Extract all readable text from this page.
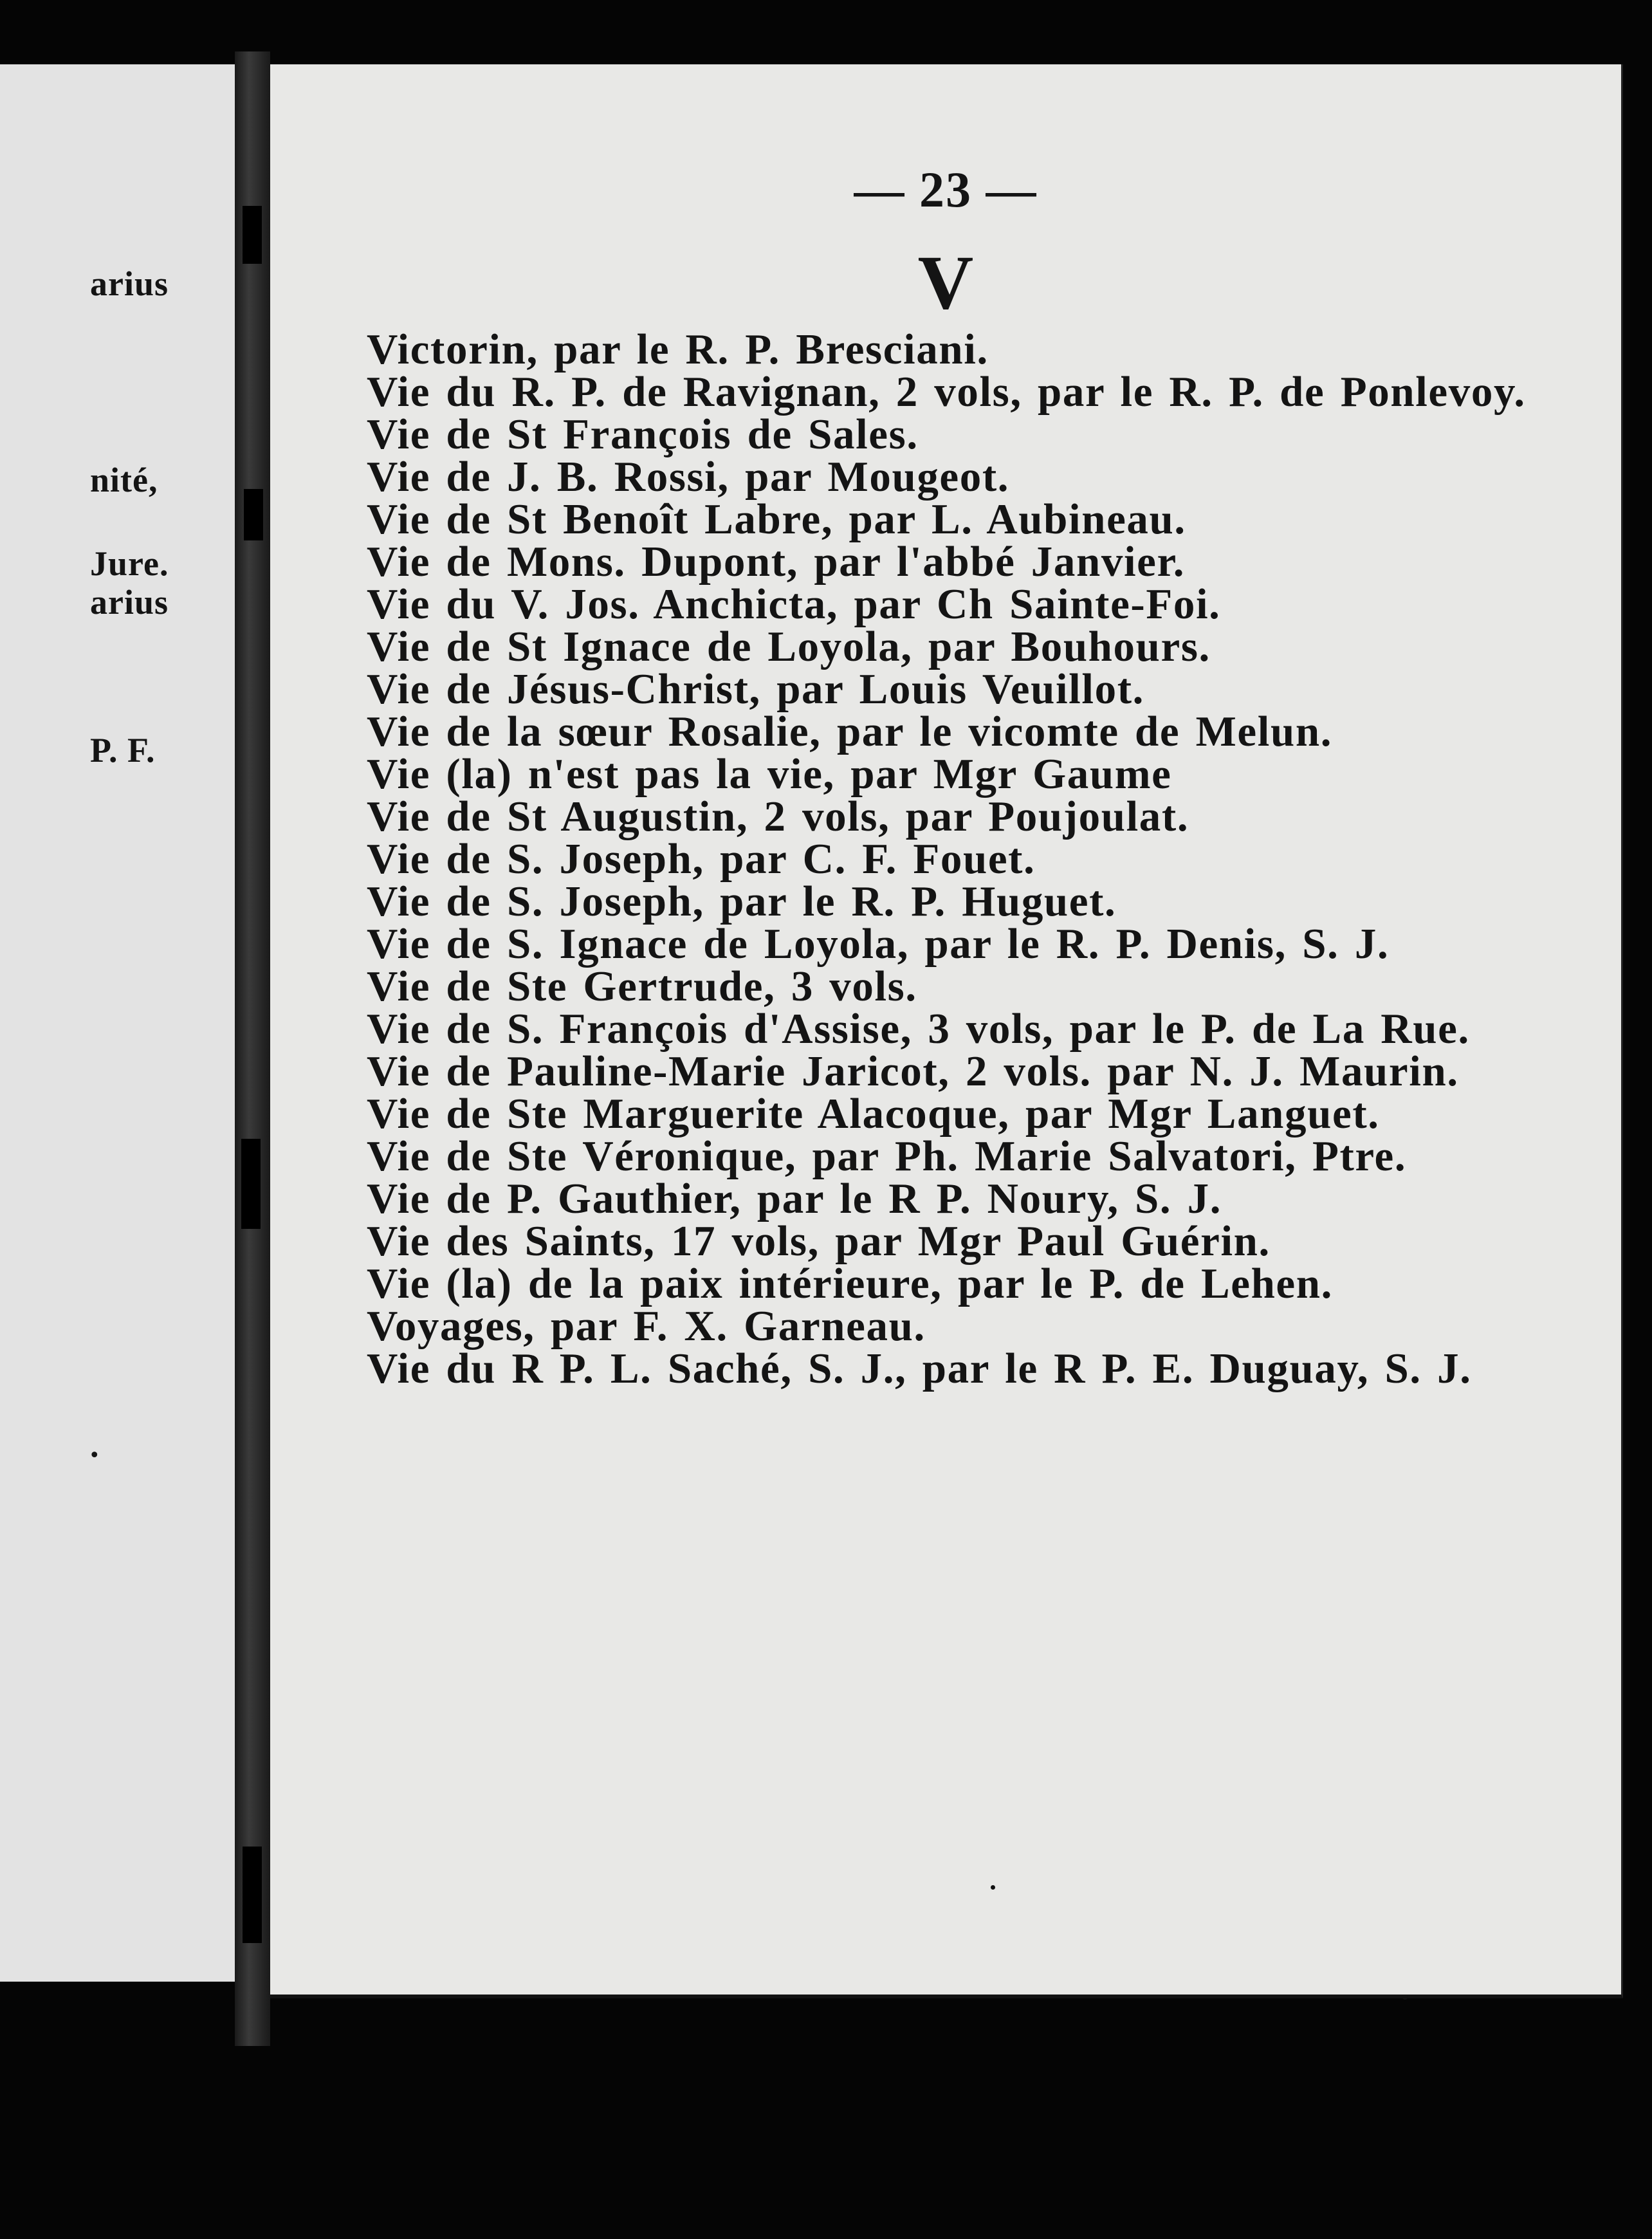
arius
nité,
Jure.
arius
P. F.
.
— 23 —
V
Victorin, par le R. P. Bresciani.
Vie du R. P. de Ravignan, 2 vols, par le R. P. de Ponlevoy.
Vie de St François de Sales.
Vie de J. B. Rossi, par Mougeot.
Vie de St Benoît Labre, par L. Aubineau.
Vie de Mons. Dupont, par l'abbé Janvier.
Vie du V. Jos. Anchicta, par Ch Sainte-Foi.
Vie de St Ignace de Loyola, par Bouhours.
Vie de Jésus-Christ, par Louis Veuillot.
Vie de la sœur Rosalie, par le vicomte de Melun.
Vie (la) n'est pas la vie, par Mgr Gaume
Vie de St Augustin, 2 vols, par Poujoulat.
Vie de S. Joseph, par C. F. Fouet.
Vie de S. Joseph, par le R. P. Huguet.
Vie de S. Ignace de Loyola, par le R. P. Denis, S. J.
Vie de Ste Gertrude, 3 vols.
Vie de S. François d'Assise, 3 vols, par le P. de La Rue.
Vie de Pauline-Marie Jaricot, 2 vols. par N. J. Maurin.
Vie de Ste Marguerite Alacoque, par Mgr Languet.
Vie de Ste Véronique, par Ph. Marie Salvatori, Ptre.
Vie de P. Gauthier, par le R P. Noury, S. J.
Vie des Saints, 17 vols, par Mgr Paul Guérin.
Vie (la) de la paix intérieure, par le P. de Lehen.
Voyages, par F. X. Garneau.
Vie du R P. L. Saché, S. J., par le R P. E. Duguay, S. J.
